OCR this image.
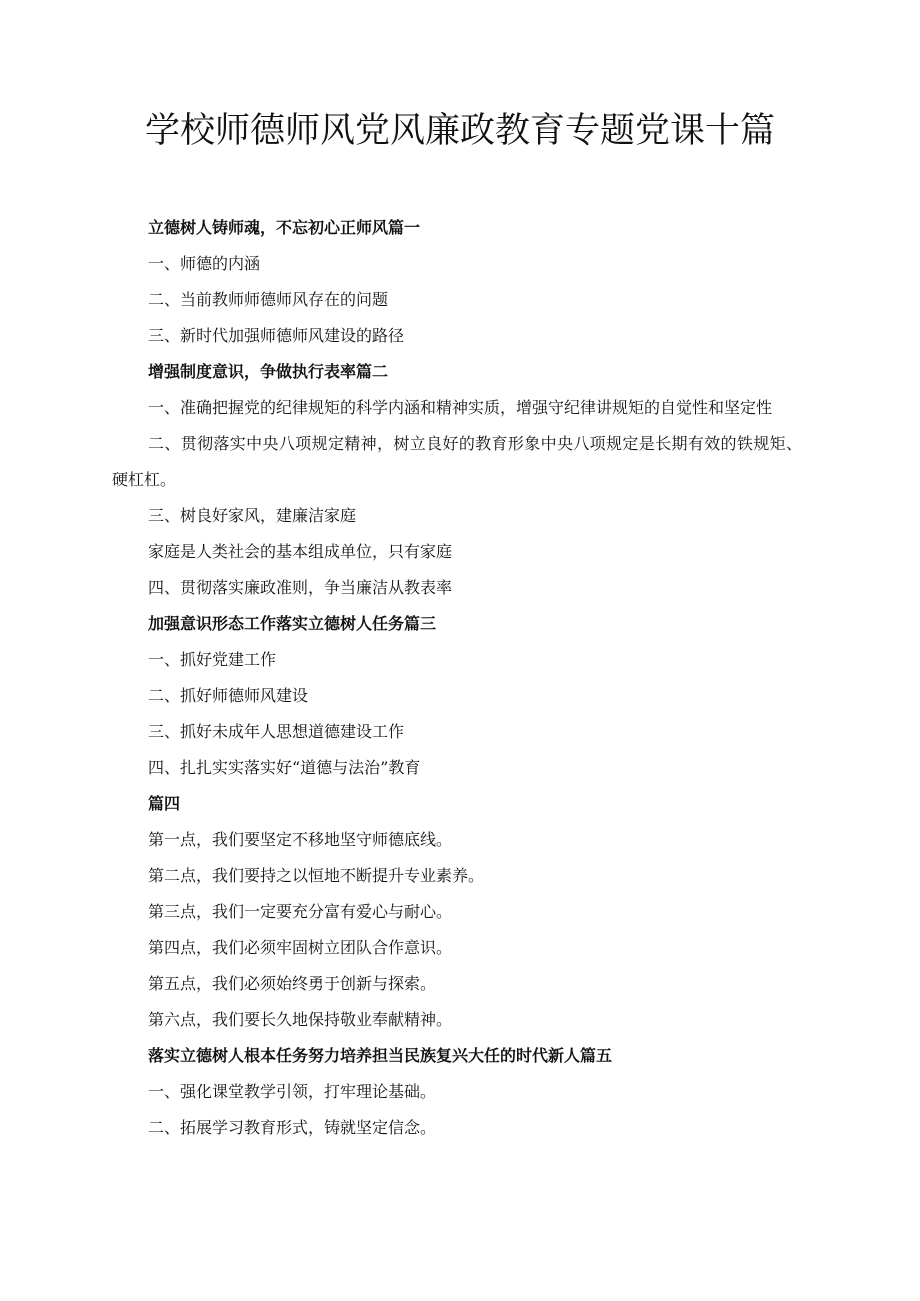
学校师德师风党风廉政教育专题党课十篇

立德树人铸师魂，不忘初心正师风篇一

一、师德的内涵

二、当前教师师德师风存在的问题

三、新时代加强师德师风建设的路径

增强制度意识，争做执行表率篇二

一、准确把握党的纪律规矩的科学内涵和精神实质，增强守纪律讲规矩的自觉性和坚定性

二、贯彻落实中央八项规定精神，树立良好的教育形象中央八项规定是长期有效的铁规矩、硬杠杠。

三、树良好家风，建廉洁家庭

家庭是人类社会的基本组成单位，只有家庭

四、贯彻落实廉政准则，争当廉洁从教表率

加强意识形态工作落实立德树人任务篇三

一、抓好党建工作

二、抓好师德师风建设

三、抓好未成年人思想道德建设工作

四、扎扎实实落实好“道德与法治”教育

篇四

第一点，我们要坚定不移地坚守师德底线。

第二点，我们要持之以恒地不断提升专业素养。

第三点，我们一定要充分富有爱心与耐心。

第四点，我们必须牢固树立团队合作意识。

第五点，我们必须始终勇于创新与探索。

第六点，我们要长久地保持敬业奉献精神。

落实立德树人根本任务努力培养担当民族复兴大任的时代新人篇五

一、强化课堂教学引领，打牢理论基础。

二、拓展学习教育形式，铸就坚定信念。
